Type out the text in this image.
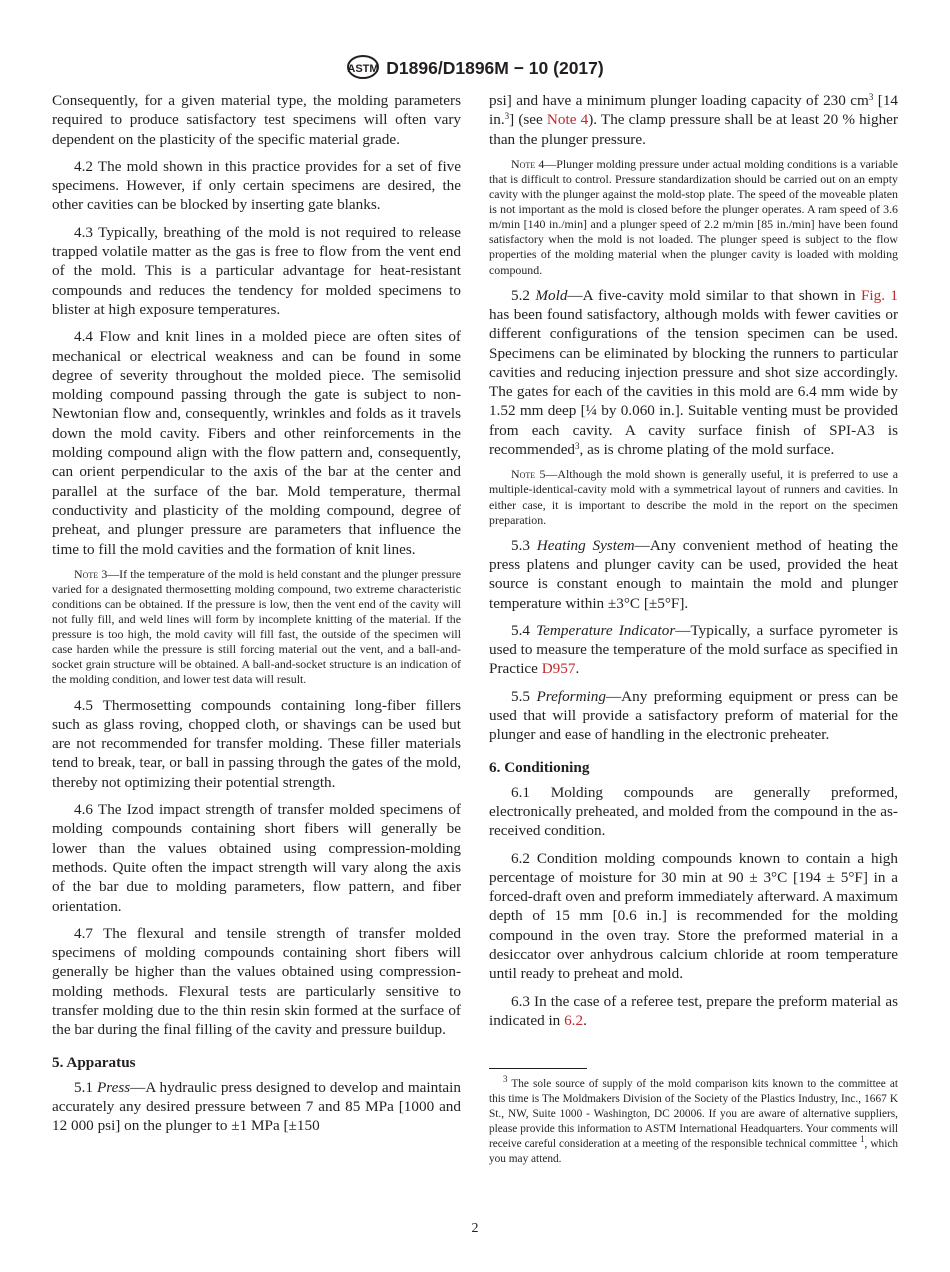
ASTM D1896/D1896M − 10 (2017)

Consequently, for a given material type, the molding parameters required to produce satisfactory test specimens will often vary dependent on the plasticity of the specific material grade.

4.2 The mold shown in this practice provides for a set of five specimens. However, if only certain specimens are desired, the other cavities can be blocked by inserting gate blanks.

4.3 Typically, breathing of the mold is not required to release trapped volatile matter as the gas is free to flow from the vent end of the mold. This is a particular advantage for heat-resistant compounds and reduces the tendency for molded specimens to blister at high exposure temperatures.

4.4 Flow and knit lines in a molded piece are often sites of mechanical or electrical weakness and can be found in some degree of severity throughout the molded piece. The semisolid molding compound passing through the gate is subject to non-Newtonian flow and, consequently, wrinkles and folds as it travels down the mold cavity. Fibers and other reinforcements in the molding compound align with the flow pattern and, consequently, can orient perpendicular to the axis of the bar at the center and parallel at the surface of the bar. Mold temperature, thermal conductivity and plasticity of the molding compound, degree of preheat, and plunger pressure are parameters that influence the time to fill the mold cavities and the formation of knit lines.

Note 3—If the temperature of the mold is held constant and the plunger pressure varied for a designated thermosetting molding compound, two extreme characteristic conditions can be obtained. If the pressure is low, then the vent end of the cavity will not fully fill, and weld lines will form by incomplete knitting of the material. If the pressure is too high, the mold cavity will fill fast, the outside of the specimen will case harden while the pressure is still forcing material out the vent, and a ball-and-socket grain structure will be obtained. A ball-and-socket structure is an indication of the molding condition, and lower test data will result.

4.5 Thermosetting compounds containing long-fiber fillers such as glass roving, chopped cloth, or shavings can be used but are not recommended for transfer molding. These filler materials tend to break, tear, or ball in passing through the gates of the mold, thereby not optimizing their potential strength.

4.6 The Izod impact strength of transfer molded specimens of molding compounds containing short fibers will generally be lower than the values obtained using compression-molding methods. Quite often the impact strength will vary along the axis of the bar due to molding parameters, flow pattern, and fiber orientation.

4.7 The flexural and tensile strength of transfer molded specimens of molding compounds containing short fibers will generally be higher than the values obtained using compression-molding methods. Flexural tests are particularly sensitive to transfer molding due to the thin resin skin formed at the surface of the bar during the final filling of the cavity and pressure buildup.

5. Apparatus

5.1 Press—A hydraulic press designed to develop and maintain accurately any desired pressure between 7 and 85 MPa [1000 and 12 000 psi] on the plunger to ±1 MPa [±150

psi] and have a minimum plunger loading capacity of 230 $cm^3$ [14 in.$^3$] (see Note 4). The clamp pressure shall be at least 20 % higher than the plunger pressure.

Note 4—Plunger molding pressure under actual molding conditions is a variable that is difficult to control. Pressure standardization should be carried out on an empty cavity with the plunger against the mold-stop plate. The speed of the moveable platen is not important as the mold is closed before the plunger operates. A ram speed of 3.6 m/min [140 in./min] and a plunger speed of 2.2 m/min [85 in./min] have been found satisfactory when the mold is not loaded. The plunger speed is subject to the flow properties of the molding material when the plunger cavity is loaded with molding compound.

5.2 Mold—A five-cavity mold similar to that shown in Fig. 1 has been found satisfactory, although molds with fewer cavities or different configurations of the tension specimen can be used. Specimens can be eliminated by blocking the runners to particular cavities and reducing injection pressure and shot size accordingly. The gates for each of the cavities in this mold are 6.4 mm wide by 1.52 mm deep [¼ by 0.060 in.]. Suitable venting must be provided from each cavity. A cavity surface finish of SPI-A3 is recommended$^3$, as is chrome plating of the mold surface.

Note 5—Although the mold shown is generally useful, it is preferred to use a multiple-identical-cavity mold with a symmetrical layout of runners and cavities. In either case, it is important to describe the mold in the report on the specimen preparation.

5.3 Heating System—Any convenient method of heating the press platens and plunger cavity can be used, provided the heat source is constant enough to maintain the mold and plunger temperature within ±3°C [±5°F].

5.4 Temperature Indicator—Typically, a surface pyrometer is used to measure the temperature of the mold surface as specified in Practice D957.

5.5 Preforming—Any preforming equipment or press can be used that will provide a satisfactory preform of material for the plunger and ease of handling in the electronic preheater.

6. Conditioning

6.1 Molding compounds are generally preformed, electronically preheated, and molded from the compound in the as-received condition.

6.2 Condition molding compounds known to contain a high percentage of moisture for 30 min at 90 ± 3°C [194 ± 5°F] in a forced-draft oven and preform immediately afterward. A maximum depth of 15 mm [0.6 in.] is recommended for the molding compound in the oven tray. Store the preformed material in a desiccator over anhydrous calcium chloride at room temperature until ready to preheat and mold.

6.3 In the case of a referee test, prepare the preform material as indicated in 6.2.

$^3$ The sole source of supply of the mold comparison kits known to the committee at this time is The Moldmakers Division of the Society of the Plastics Industry, Inc., 1667 K St., NW, Suite 1000 - Washington, DC 20006. If you are aware of alternative suppliers, please provide this information to ASTM International Headquarters. Your comments will receive careful consideration at a meeting of the responsible technical committee $^1$, which you may attend.

2
